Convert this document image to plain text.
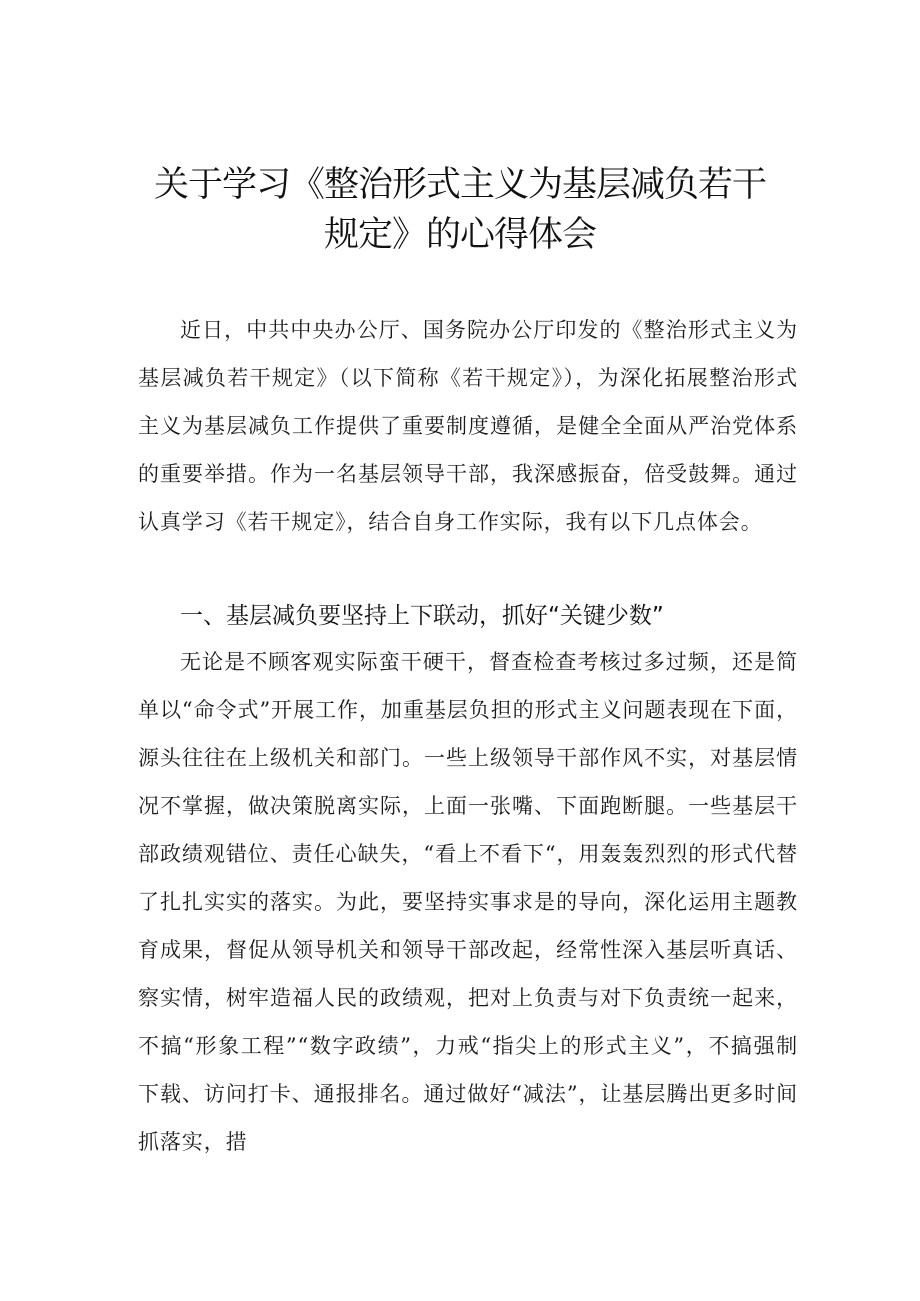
关于学习《整治形式主义为基层减负若干
规定》的心得体会

近日，中共中央办公厅、国务院办公厅印发的《整治形式主义为基层减负若干规定》（以下简称《若干规定》），为深化拓展整治形式主义为基层减负工作提供了重要制度遵循，是健全全面从严治党体系的重要举措。作为一名基层领导干部，我深感振奋，倍受鼓舞。通过认真学习《若干规定》，结合自身工作实际，我有以下几点体会。

一、基层减负要坚持上下联动，抓好“关键少数”

无论是不顾客观实际蛮干硬干，督查检查考核过多过频，还是简单以“命令式”开展工作，加重基层负担的形式主义问题表现在下面，源头往往在上级机关和部门。一些上级领导干部作风不实，对基层情况不掌握，做决策脱离实际，上面一张嘴、下面跑断腿。一些基层干部政绩观错位、责任心缺失，“看上不看下“，用轰轰烈烈的形式代替了扎扎实实的落实。为此，要坚持实事求是的导向，深化运用主题教育成果，督促从领导机关和领导干部改起，经常性深入基层听真话、察实情，树牢造福人民的政绩观，把对上负责与对下负责统一起来，不搞“形象工程”“数字政绩”，力戒“指尖上的形式主义”，不搞强制下载、访问打卡、通报排名。通过做好“减法”，让基层腾出更多时间抓落实，措
